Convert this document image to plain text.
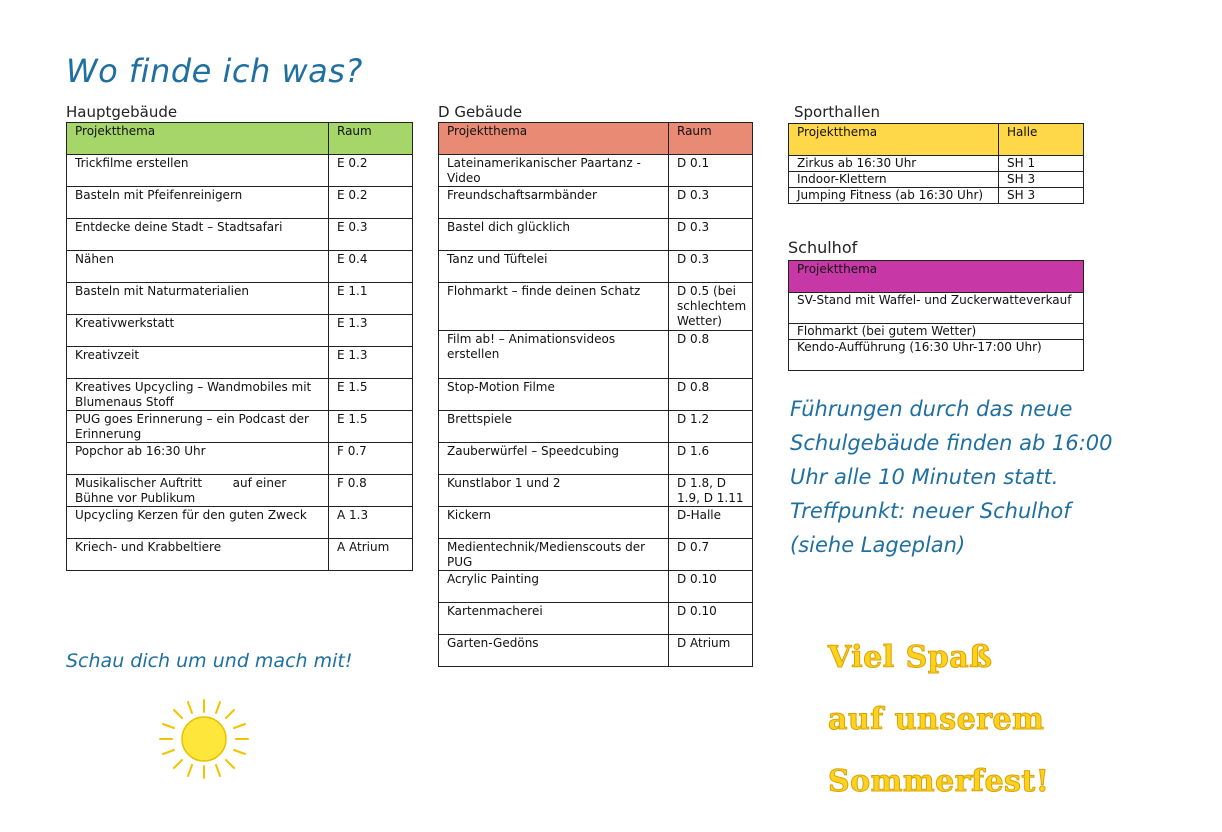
Wo finde ich was?
Hauptgebäude
Projektthema	Raum
Trickfilme erstellen	E 0.2
Basteln mit Pfeifenreinigern	E 0.2
Entdecke deine Stadt – Stadtsafari	E 0.3
Nähen	E 0.4
Basteln mit Naturmaterialien	E 1.1
Kreativwerkstatt	E 1.3
Kreativzeit	E 1.3
Kreatives Upcycling – Wandmobiles mit Blumenaus Stoff	E 1.5
PUG goes Erinnerung – ein Podcast der Erinnerung	E 1.5
Popchor ab 16:30 Uhr	F 0.7
Musikalischer Auftritt        auf einer Bühne vor Publikum	F 0.8
Upcycling Kerzen für den guten Zweck	A 1.3
Kriech- und Krabbeltiere	A Atrium
D Gebäude
Projektthema	Raum
Lateinamerikanischer Paartanz - Video	D 0.1
Freundschaftsarmbänder	D 0.3
Bastel dich glücklich	D 0.3
Tanz und Tüftelei	D 0.3
Flohmarkt – finde deinen Schatz	D 0.5 (bei schlechtem Wetter)
Film ab! – Animationsvideos erstellen	D 0.8
Stop-Motion Filme	D 0.8
Brettspiele	D 1.2
Zauberwürfel – Speedcubing	D 1.6
Kunstlabor 1 und 2	D 1.8, D 1.9, D 1.11
Kickern	D-Halle
Medientechnik/Medienscouts der PUG	D 0.7
Acrylic Painting	D 0.10
Kartenmacherei	D 0.10
Garten-Gedöns	D Atrium
Sporthallen
Projektthema	Halle
Zirkus ab 16:30 Uhr	SH 1
Indoor-Klettern	SH 3
Jumping Fitness (ab 16:30 Uhr)	SH 3
Schulhof
Projektthema
SV-Stand mit Waffel- und Zuckerwatteverkauf
Flohmarkt (bei gutem Wetter)
Kendo-Aufführung (16:30 Uhr-17:00 Uhr)
Führungen durch das neue Schulgebäude finden ab 16:00 Uhr alle 10 Minuten statt.
Treffpunkt: neuer Schulhof (siehe Lageplan)
Schau dich um und mach mit!	Viel Spaß
auf unserem
Sommerfest!
